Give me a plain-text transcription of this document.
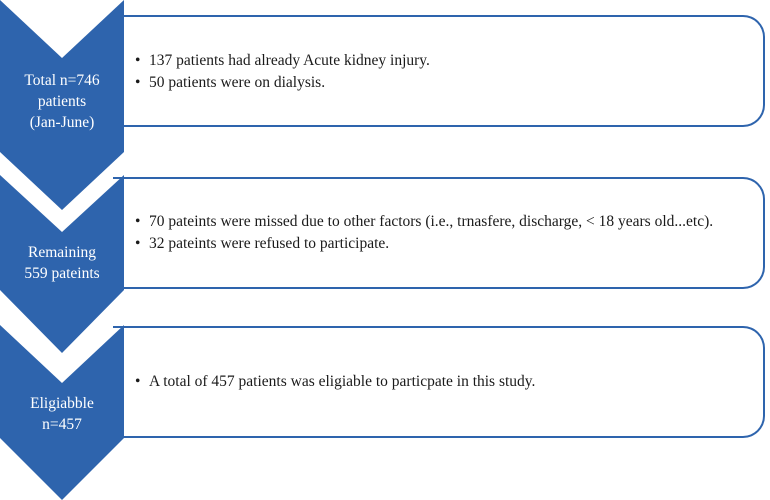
• 137 patients had already Acute kidney injury.
• 50 patients were on dialysis.
• 70 pateints were missed due to other factors (i.e., trnasfere, discharge, < 18 years old...etc).
• 32 pateints were refused to participate.
• A total of 457 patients was eligiable to particpate in this study.
Total n=746
patients
(Jan-June)
Remaining
559 pateints
Eligiabble
n=457
